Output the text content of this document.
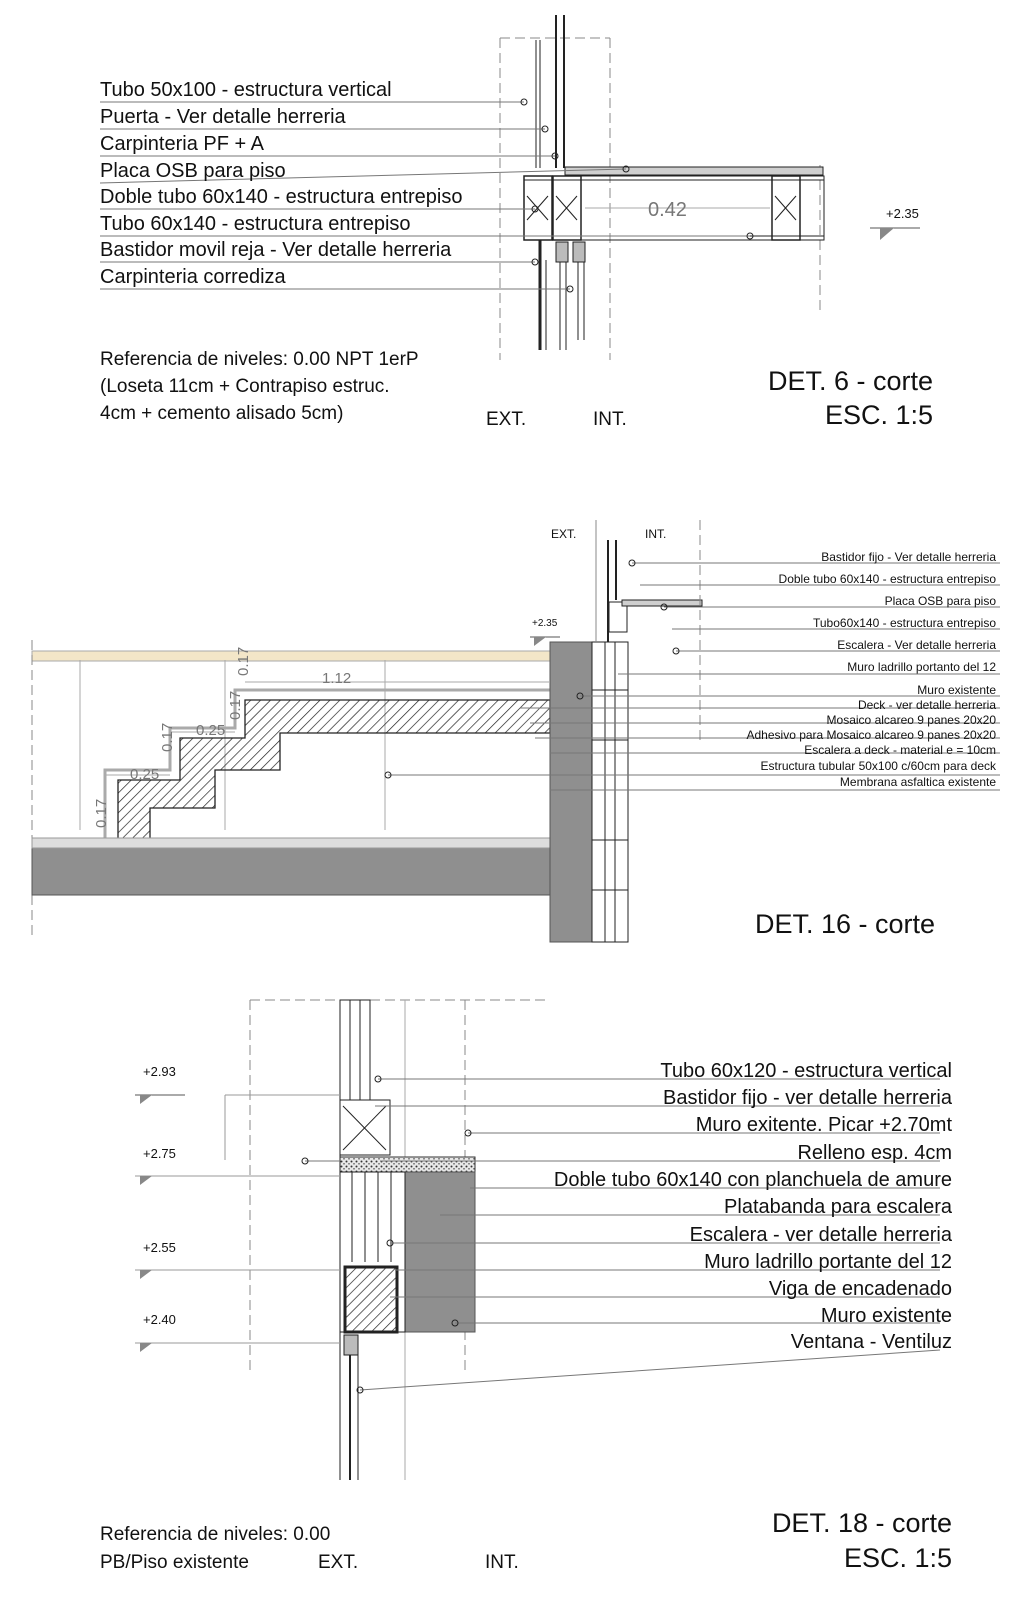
Tubo 50x100 - estructura vertical
Puerta - Ver detalle herreria
Carpinteria PF + A
Placa OSB para piso
Doble tubo 60x140 - estructura entrepiso
Tubo 60x140 - estructura entrepiso
Bastidor movil reja - Ver detalle herreria
Carpinteria corrediza
0.42	+2.35
Referencia de niveles: 0.00 NPT 1erP
(Loseta 11cm + Contrapiso estruc.
4cm + cemento alisado 5cm)	EXT.	INT.
DET. 6 - corte
ESC. 1:5
EXT.	INT.
+2.35
Bastidor fijo - Ver detalle herreria
Doble tubo 60x140 - estructura entrepiso
Placa OSB para piso
Tubo60x140 - estructura entrepiso
Escalera - Ver detalle herreria
Muro ladrillo portanto del 12
Muro existente
Deck - ver detalle herreria
Mosaico alcareo 9 panes 20x20
Adhesivo para Mosaico alcareo 9 panes 20x20
Escalera a deck - material e = 10cm
Estructura tubular 50x100 c/60cm para deck
Membrana asfaltica existente
1.12
0.17
0.17
0.25
0.17
0.25
0.17
DET. 16 - corte
+2.93
+2.75
+2.55
+2.40
Tubo 60x120 - estructura vertical
Bastidor fijo - ver detalle herreria
Muro exitente. Picar +2.70mt
Relleno esp. 4cm
Doble tubo 60x140 con planchuela de amure
Platabanda para escalera
Escalera - ver detalle herreria
Muro ladrillo portante del 12
Viga de encadenado
Muro existente
Ventana - Ventiluz
Referencia de niveles: 0.00
PB/Piso existente	EXT.	INT.
DET. 18 - corte
ESC. 1:5
